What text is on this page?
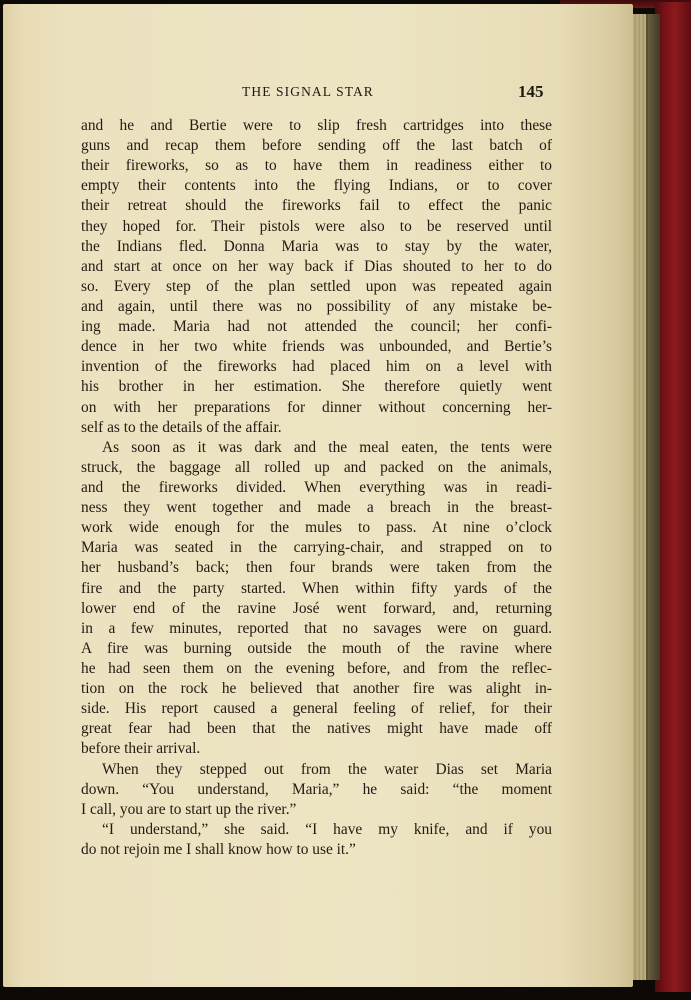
THE SIGNAL STAR	145
and he and Bertie were to slip fresh cartridges into these
guns and recap them before sending off the last batch of
their fireworks, so as to have them in readiness either to
empty their contents into the flying Indians, or to cover
their retreat should the fireworks fail to effect the panic
they hoped for. Their pistols were also to be reserved until
the Indians fled. Donna Maria was to stay by the water,
and start at once on her way back if Dias shouted to her to do
so. Every step of the plan settled upon was repeated again
and again, until there was no possibility of any mistake be-
ing made. Maria had not attended the council; her confi-
dence in her two white friends was unbounded, and Bertie’s
invention of the fireworks had placed him on a level with
his brother in her estimation. She therefore quietly went
on with her preparations for dinner without concerning her-
self as to the details of the affair.
As soon as it was dark and the meal eaten, the tents were
struck, the baggage all rolled up and packed on the animals,
and the fireworks divided. When everything was in readi-
ness they went together and made a breach in the breast-
work wide enough for the mules to pass. At nine o’clock
Maria was seated in the carrying-chair, and strapped on to
her husband’s back; then four brands were taken from the
fire and the party started. When within fifty yards of the
lower end of the ravine José went forward, and, returning
in a few minutes, reported that no savages were on guard.
A fire was burning outside the mouth of the ravine where
he had seen them on the evening before, and from the reflec-
tion on the rock he believed that another fire was alight in-
side. His report caused a general feeling of relief, for their
great fear had been that the natives might have made off
before their arrival.
When they stepped out from the water Dias set Maria
down. “You understand, Maria,” he said: “the moment
I call, you are to start up the river.”
“I understand,” she said. “I have my knife, and if you
do not rejoin me I shall know how to use it.”
